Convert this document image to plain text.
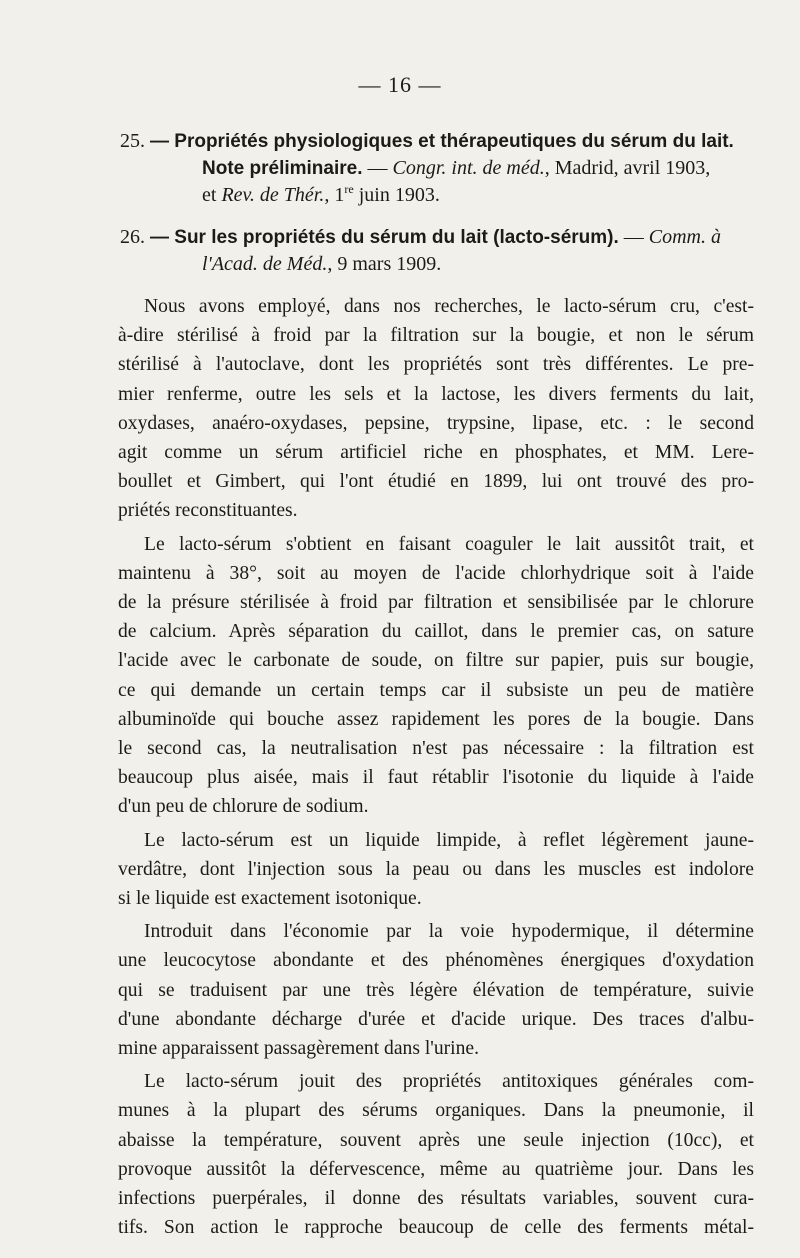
— 16 —
25. — Propriétés physiologiques et thérapeutiques du sérum du lait.
Note préliminaire. — Congr. int. de méd., Madrid, avril 1903,
et Rev. de Thér., 1re juin 1903.
26. — Sur les propriétés du sérum du lait (lacto-sérum). — Comm. à
l'Acad. de Méd., 9 mars 1909.
Nous avons employé, dans nos recherches, le lacto-sérum cru, c'est-
à-dire stérilisé à froid par la filtration sur la bougie, et non le sérum
stérilisé à l'autoclave, dont les propriétés sont très différentes. Le pre-
mier renferme, outre les sels et la lactose, les divers ferments du lait,
oxydases, anaéro-oxydases, pepsine, trypsine, lipase, etc. : le second
agit comme un sérum artificiel riche en phosphates, et MM. Lere-
boullet et Gimbert, qui l'ont étudié en 1899, lui ont trouvé des pro-
priétés reconstituantes.
Le lacto-sérum s'obtient en faisant coaguler le lait aussitôt trait, et
maintenu à 38°, soit au moyen de l'acide chlorhydrique soit à l'aide
de la présure stérilisée à froid par filtration et sensibilisée par le chlorure
de calcium. Après séparation du caillot, dans le premier cas, on sature
l'acide avec le carbonate de soude, on filtre sur papier, puis sur bougie,
ce qui demande un certain temps car il subsiste un peu de matière
albuminoïde qui bouche assez rapidement les pores de la bougie. Dans
le second cas, la neutralisation n'est pas nécessaire : la filtration est
beaucoup plus aisée, mais il faut rétablir l'isotonie du liquide à l'aide
d'un peu de chlorure de sodium.
Le lacto-sérum est un liquide limpide, à reflet légèrement jaune-
verdâtre, dont l'injection sous la peau ou dans les muscles est indolore
si le liquide est exactement isotonique.
Introduit dans l'économie par la voie hypodermique, il détermine
une leucocytose abondante et des phénomènes énergiques d'oxydation
qui se traduisent par une très légère élévation de température, suivie
d'une abondante décharge d'urée et d'acide urique. Des traces d'albu-
mine apparaissent passagèrement dans l'urine.
Le lacto-sérum jouit des propriétés antitoxiques générales com-
munes à la plupart des sérums organiques. Dans la pneumonie, il
abaisse la température, souvent après une seule injection (10cc), et
provoque aussitôt la défervescence, même au quatrième jour. Dans les
infections puerpérales, il donne des résultats variables, souvent cura-
tifs. Son action le rapproche beaucoup de celle des ferments métal-
